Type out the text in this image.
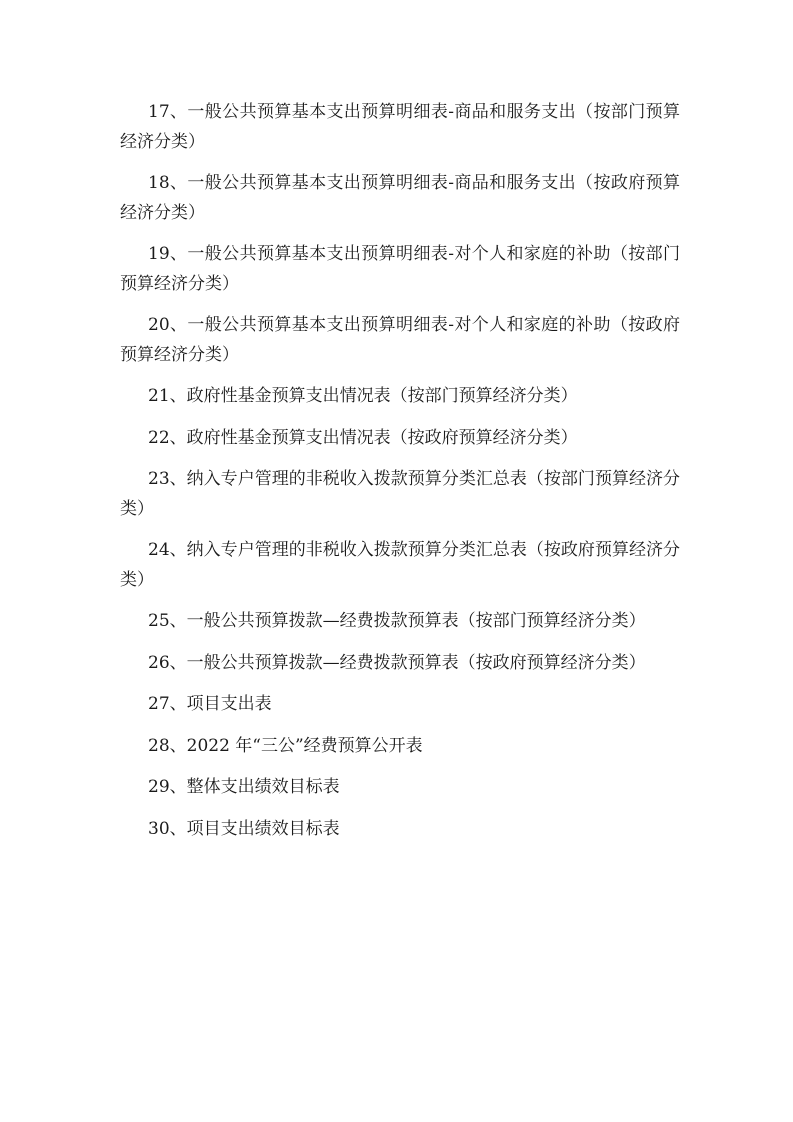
17、一般公共预算基本支出预算明细表-商品和服务支出（按部门预算经济分类）

18、一般公共预算基本支出预算明细表-商品和服务支出（按政府预算经济分类）

19、一般公共预算基本支出预算明细表-对个人和家庭的补助（按部门预算经济分类）

20、一般公共预算基本支出预算明细表-对个人和家庭的补助（按政府预算经济分类）

21、政府性基金预算支出情况表（按部门预算经济分类）

22、政府性基金预算支出情况表（按政府预算经济分类）

23、纳入专户管理的非税收入拨款预算分类汇总表（按部门预算经济分类）

24、纳入专户管理的非税收入拨款预算分类汇总表（按政府预算经济分类）

25、一般公共预算拨款—经费拨款预算表（按部门预算经济分类）

26、一般公共预算拨款—经费拨款预算表（按政府预算经济分类）

27、项目支出表

28、2022 年“三公”经费预算公开表

29、整体支出绩效目标表

30、项目支出绩效目标表
